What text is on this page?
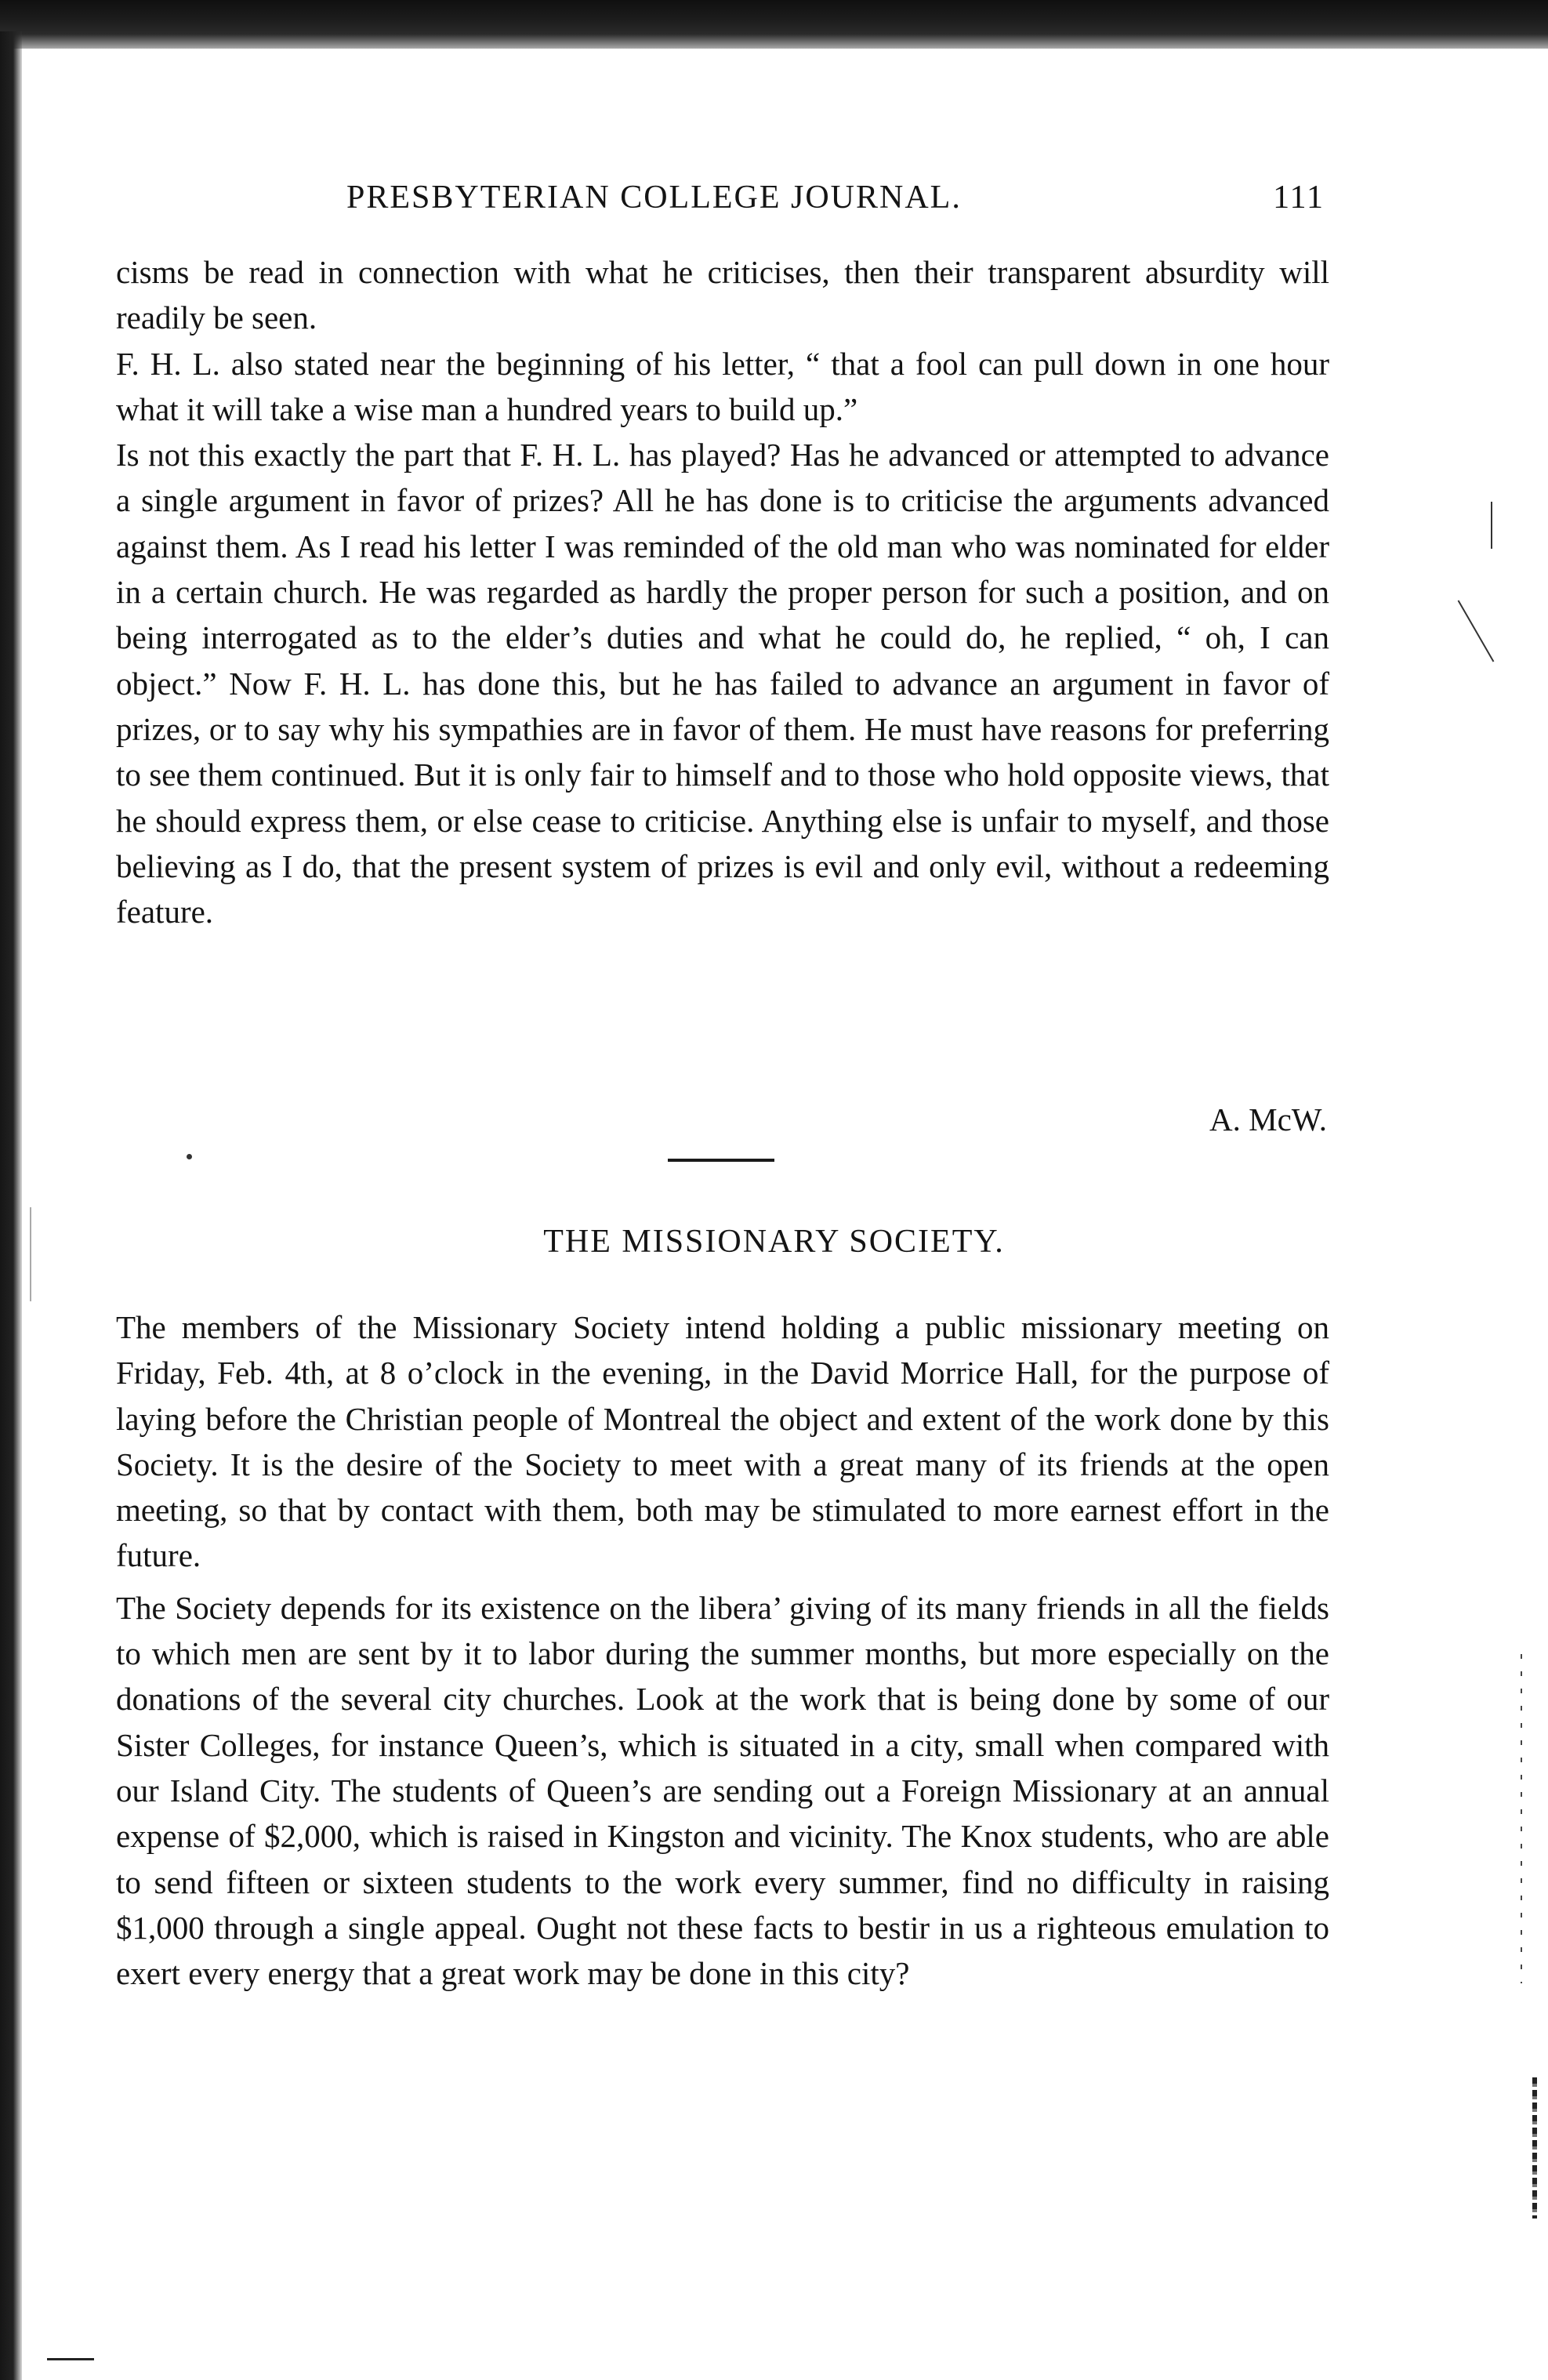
PRESBYTERIAN COLLEGE JOURNAL.	111

cisms be read in connection with what he criticises, then their transparent absurdity will readily be seen.

F. H. L. also stated near the beginning of his letter, “ that a fool can pull down in one hour what it will take a wise man a hundred years to build up.”

Is not this exactly the part that F. H. L. has played? Has he advanced or attempted to advance a single argument in favor of prizes? All he has done is to criticise the arguments advanced against them. As I read his letter I was reminded of the old man who was nominated for elder in a certain church. He was regarded as hardly the proper person for such a position, and on being interrogated as to the elder’s duties and what he could do, he replied, “ oh, I can object.” Now F. H. L. has done this, but he has failed to advance an argument in favor of prizes, or to say why his sympathies are in favor of them. He must have reasons for preferring to see them continued. But it is only fair to himself and to those who hold opposite views, that he should express them, or else cease to criticise. Anything else is unfair to myself, and those believing as I do, that the present system of prizes is evil and only evil, without a redeeming feature.

A. McW.
THE MISSIONARY SOCIETY.

The members of the Missionary Society intend holding a public missionary meeting on Friday, Feb. 4th, at 8 o’clock in the evening, in the David Morrice Hall, for the purpose of laying before the Christian people of Montreal the object and extent of the work done by this Society. It is the desire of the Society to meet with a great many of its friends at the open meeting, so that by contact with them, both may be stimulated to more earnest effort in the future.

The Society depends for its existence on the libera’ giving of its many friends in all the fields to which men are sent by it to labor during the summer months, but more especially on the donations of the several city churches. Look at the work that is being done by some of our Sister Colleges, for instance Queen’s, which is situated in a city, small when compared with our Island City. The students of Queen’s are sending out a Foreign Missionary at an annual expense of $2,000, which is raised in Kingston and vicinity. The Knox students, who are able to send fifteen or sixteen students to the work every summer, find no difficulty in raising $1,000 through a single appeal. Ought not these facts to bestir in us a righteous emulation to exert every energy that a great work may be done in this city?
